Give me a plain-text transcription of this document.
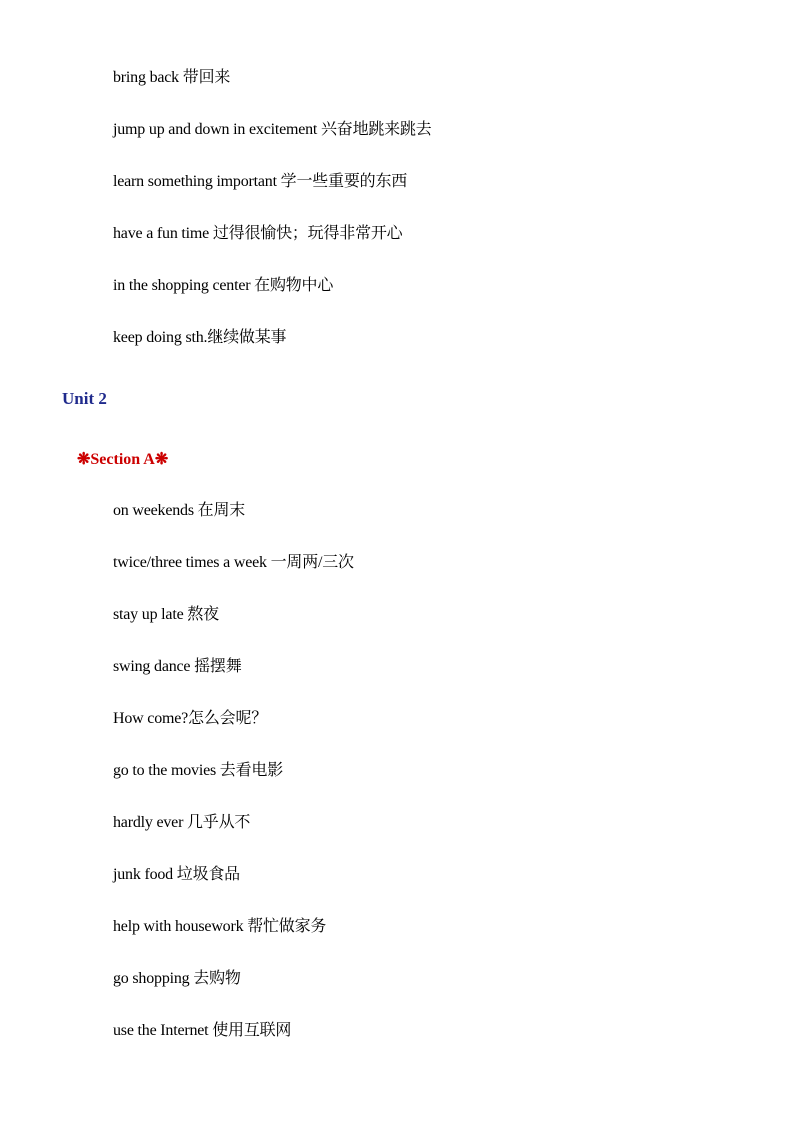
bring back 带回来
jump up and down in excitement 兴奋地跳来跳去
learn something important 学一些重要的东西
have a fun time 过得很愉快；玩得非常开心
in the shopping center 在购物中心
keep doing sth.继续做某事
Unit 2
❋Section A❋
on weekends 在周末
twice/three times a week 一周两/三次
stay up late 熬夜
swing dance 摇摆舞
How come?怎么会呢？
go to the movies 去看电影
hardly ever 几乎从不
junk food 垃圾食品
help with housework 帮忙做家务
go shopping 去购物
use the Internet 使用互联网
